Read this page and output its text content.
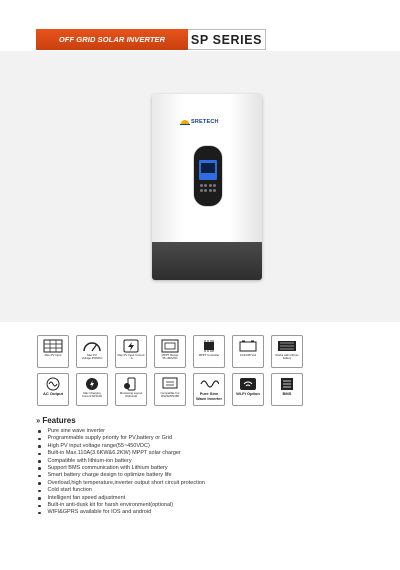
OFF GRID SOLAR INVERTER	SP SERIES
SRETECH
Max PV Input	Max PV Voltage:450VDC
Max PV Input Current : A
MPPT Range 55~450VDC
MPPT Controller	12/24/48 Volt	Works with Lithium battery
AC Output	Max Charging Current:60/110A
Monitoring Layout (Optional)
Compatible For RS232/RS485
Pure Sine Wave Inverter
Wi-Fi Option	BMS
›› Features
Pure sine wave inverter
Programmable supply priority for PV,battery or Grid
High PV input voltage range(55~450VDC)
Built-in Max.110A(3.6KW&6.2KW) MPPT solar charger
Compatible with lithium-ion battery
Support BMS communication with Lithium battery
Smart battery charge design to optimize battery life
Overload,high temperature,inverter output short circuit protection
Cold start function
Intelligent fan speed adjustment
Built-in anti-dusk kit for harsh environment(optional)
WIFI&GPRS available for IOS and android
